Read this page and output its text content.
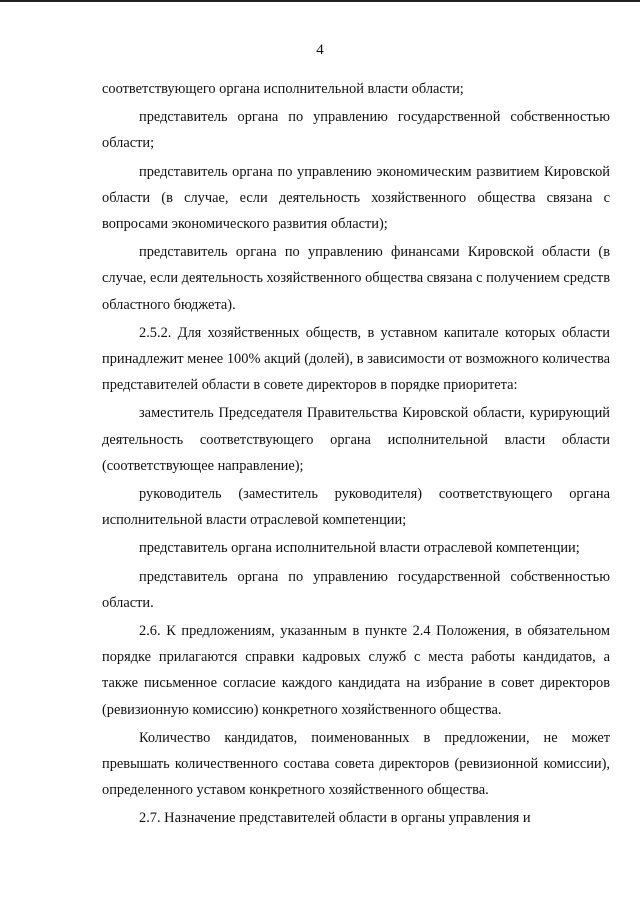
4

соответствующего органа исполнительной власти области;

представитель органа по управлению государственной собственностью области;

представитель органа по управлению экономическим развитием Кировской области (в случае, если деятельность хозяйственного общества связана с вопросами экономического развития области);

представитель органа по управлению финансами Кировской области (в случае, если деятельность хозяйственного общества связана с получением средств областного бюджета).

2.5.2. Для хозяйственных обществ, в уставном капитале которых области принадлежит менее 100% акций (долей), в зависимости от возможного количества представителей области в совете директоров в порядке приоритета:

заместитель Председателя Правительства Кировской области, курирующий деятельность соответствующего органа исполнительной власти области (соответствующее направление);

руководитель (заместитель руководителя) соответствующего органа исполнительной власти отраслевой компетенции;

представитель органа исполнительной власти отраслевой компетенции;

представитель органа по управлению государственной собственностью области.

2.6. К предложениям, указанным в пункте 2.4 Положения, в обязательном порядке прилагаются справки кадровых служб с места работы кандидатов, а также письменное согласие каждого кандидата на избрание в совет директоров (ревизионную комиссию) конкретного хозяйственного общества.

Количество кандидатов, поименованных в предложении, не может превышать количественного состава совета директоров (ревизионной комиссии), определенного уставом конкретного хозяйственного общества.

2.7. Назначение представителей области в органы управления и
